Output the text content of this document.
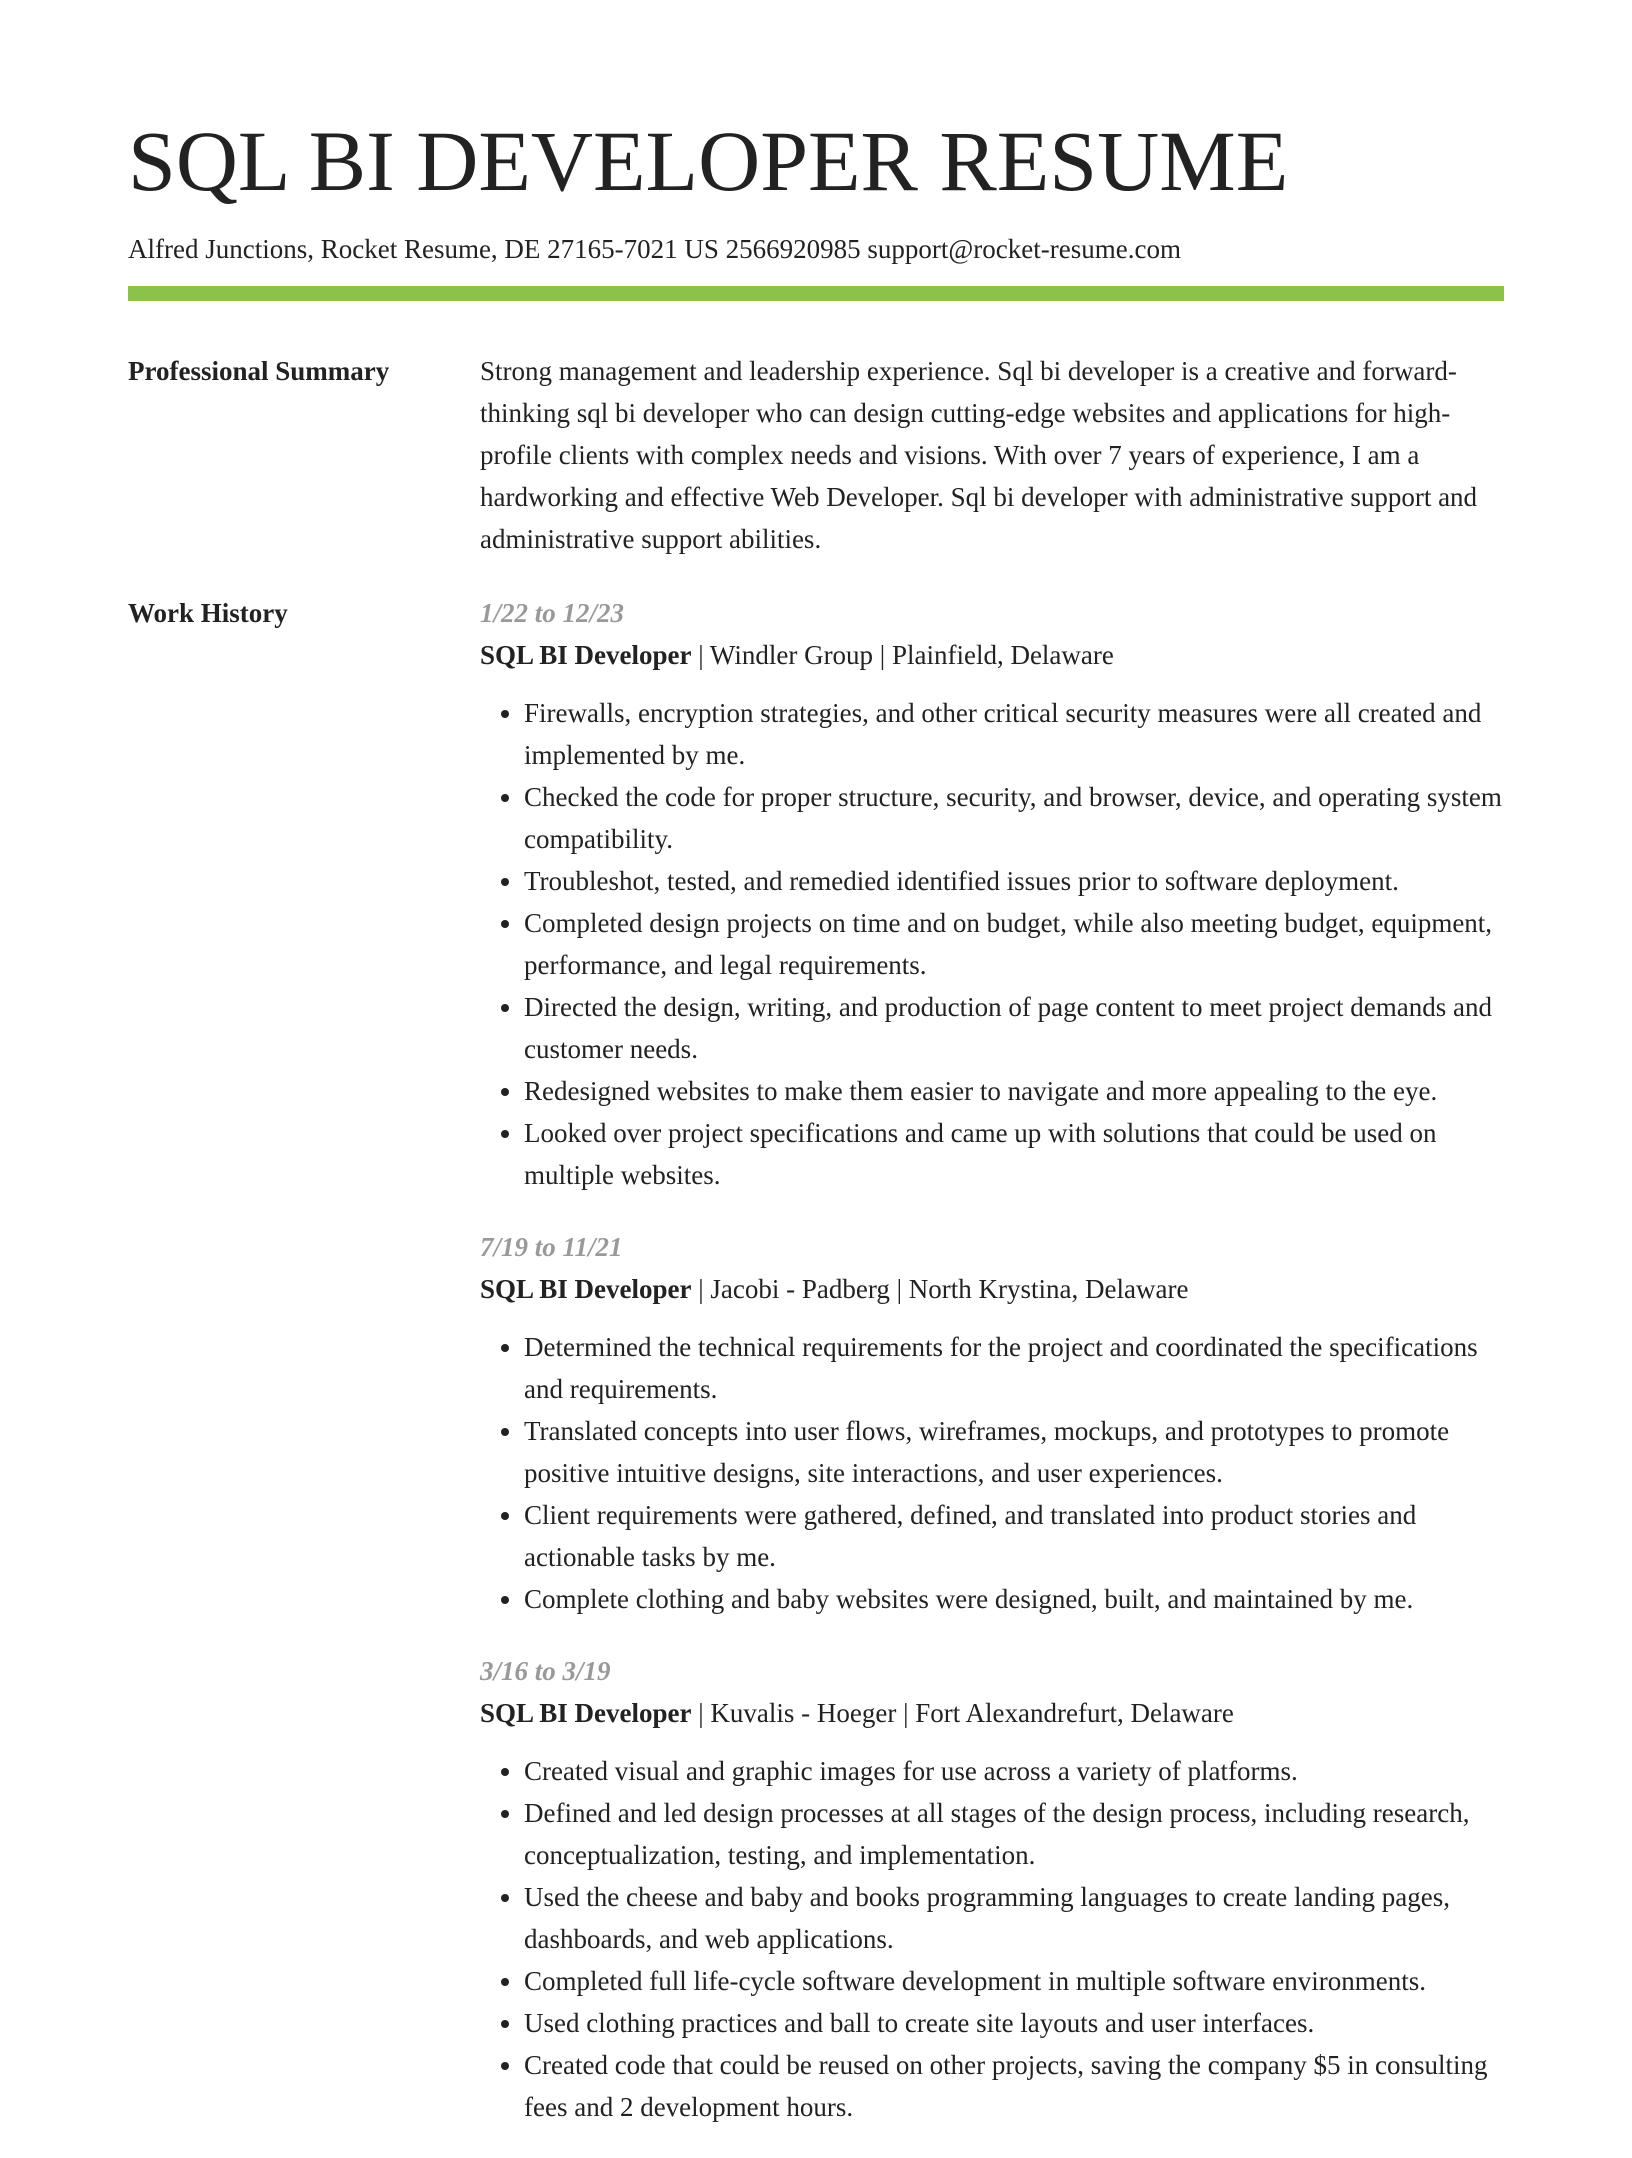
SQL BI DEVELOPER RESUME
Alfred Junctions, Rocket Resume, DE 27165-7021 US 2566920985 support@rocket-resume.com
Professional Summary	Strong management and leadership experience. Sql bi developer is a creative and forward-thinking sql bi developer who can design cutting-edge websites and applications for high-profile clients with complex needs and visions. With over 7 years of experience, I am a hardworking and effective Web Developer. Sql bi developer with administrative support and administrative support abilities.

Work History	1/22 to 12/23
SQL BI Developer | Windler Group | Plainfield, Delaware
• Firewalls, encryption strategies, and other critical security measures were all created and implemented by me.
• Checked the code for proper structure, security, and browser, device, and operating system compatibility.
• Troubleshot, tested, and remedied identified issues prior to software deployment.
• Completed design projects on time and on budget, while also meeting budget, equipment, performance, and legal requirements.
• Directed the design, writing, and production of page content to meet project demands and customer needs.
• Redesigned websites to make them easier to navigate and more appealing to the eye.
• Looked over project specifications and came up with solutions that could be used on multiple websites.
7/19 to 11/21
SQL BI Developer | Jacobi - Padberg | North Krystina, Delaware
• Determined the technical requirements for the project and coordinated the specifications and requirements.
• Translated concepts into user flows, wireframes, mockups, and prototypes to promote positive intuitive designs, site interactions, and user experiences.
• Client requirements were gathered, defined, and translated into product stories and actionable tasks by me.
• Complete clothing and baby websites were designed, built, and maintained by me.
3/16 to 3/19
SQL BI Developer | Kuvalis - Hoeger | Fort Alexandrefurt, Delaware
• Created visual and graphic images for use across a variety of platforms.
• Defined and led design processes at all stages of the design process, including research, conceptualization, testing, and implementation.
• Used the cheese and baby and books programming languages to create landing pages, dashboards, and web applications.
• Completed full life-cycle software development in multiple software environments.
• Used clothing practices and ball to create site layouts and user interfaces.
• Created code that could be reused on other projects, saving the company $5 in consulting fees and 2 development hours.
